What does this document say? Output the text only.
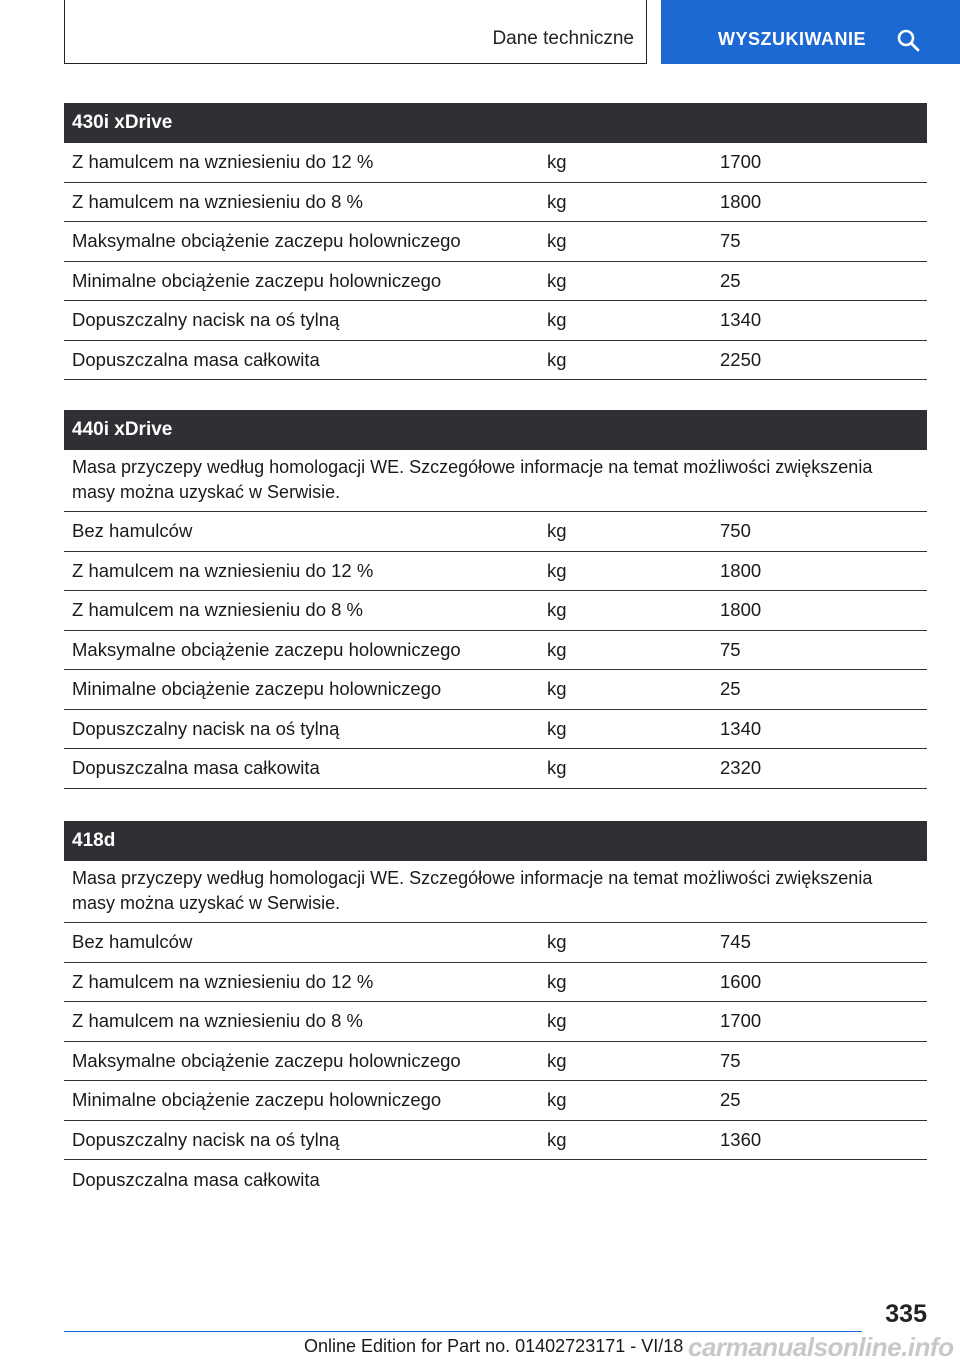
Dane techniczne	WYSZUKIWANIE
430i xDrive
Z hamulcem na wzniesieniu do 12 %	kg	1700
Z hamulcem na wzniesieniu do 8 %	kg	1800
Maksymalne obciążenie zaczepu holowniczego	kg	75
Minimalne obciążenie zaczepu holowniczego	kg	25
Dopuszczalny nacisk na oś tylną	kg	1340
Dopuszczalna masa całkowita	kg	2250
440i xDrive
Masa przyczepy według homologacji WE. Szczegółowe informacje na temat możliwości zwiększenia masy można uzyskać w Serwisie.
Bez hamulców	kg	750
Z hamulcem na wzniesieniu do 12 %	kg	1800
Z hamulcem na wzniesieniu do 8 %	kg	1800
Maksymalne obciążenie zaczepu holowniczego	kg	75
Minimalne obciążenie zaczepu holowniczego	kg	25
Dopuszczalny nacisk na oś tylną	kg	1340
Dopuszczalna masa całkowita	kg	2320
418d
Masa przyczepy według homologacji WE. Szczegółowe informacje na temat możliwości zwiększenia masy można uzyskać w Serwisie.
Bez hamulców	kg	745
Z hamulcem na wzniesieniu do 12 %	kg	1600
Z hamulcem na wzniesieniu do 8 %	kg	1700
Maksymalne obciążenie zaczepu holowniczego	kg	75
Minimalne obciążenie zaczepu holowniczego	kg	25
Dopuszczalny nacisk na oś tylną	kg	1360
Dopuszczalna masa całkowita
335
Online Edition for Part no. 01402723171 - VI/18 carmanualsonline.info
